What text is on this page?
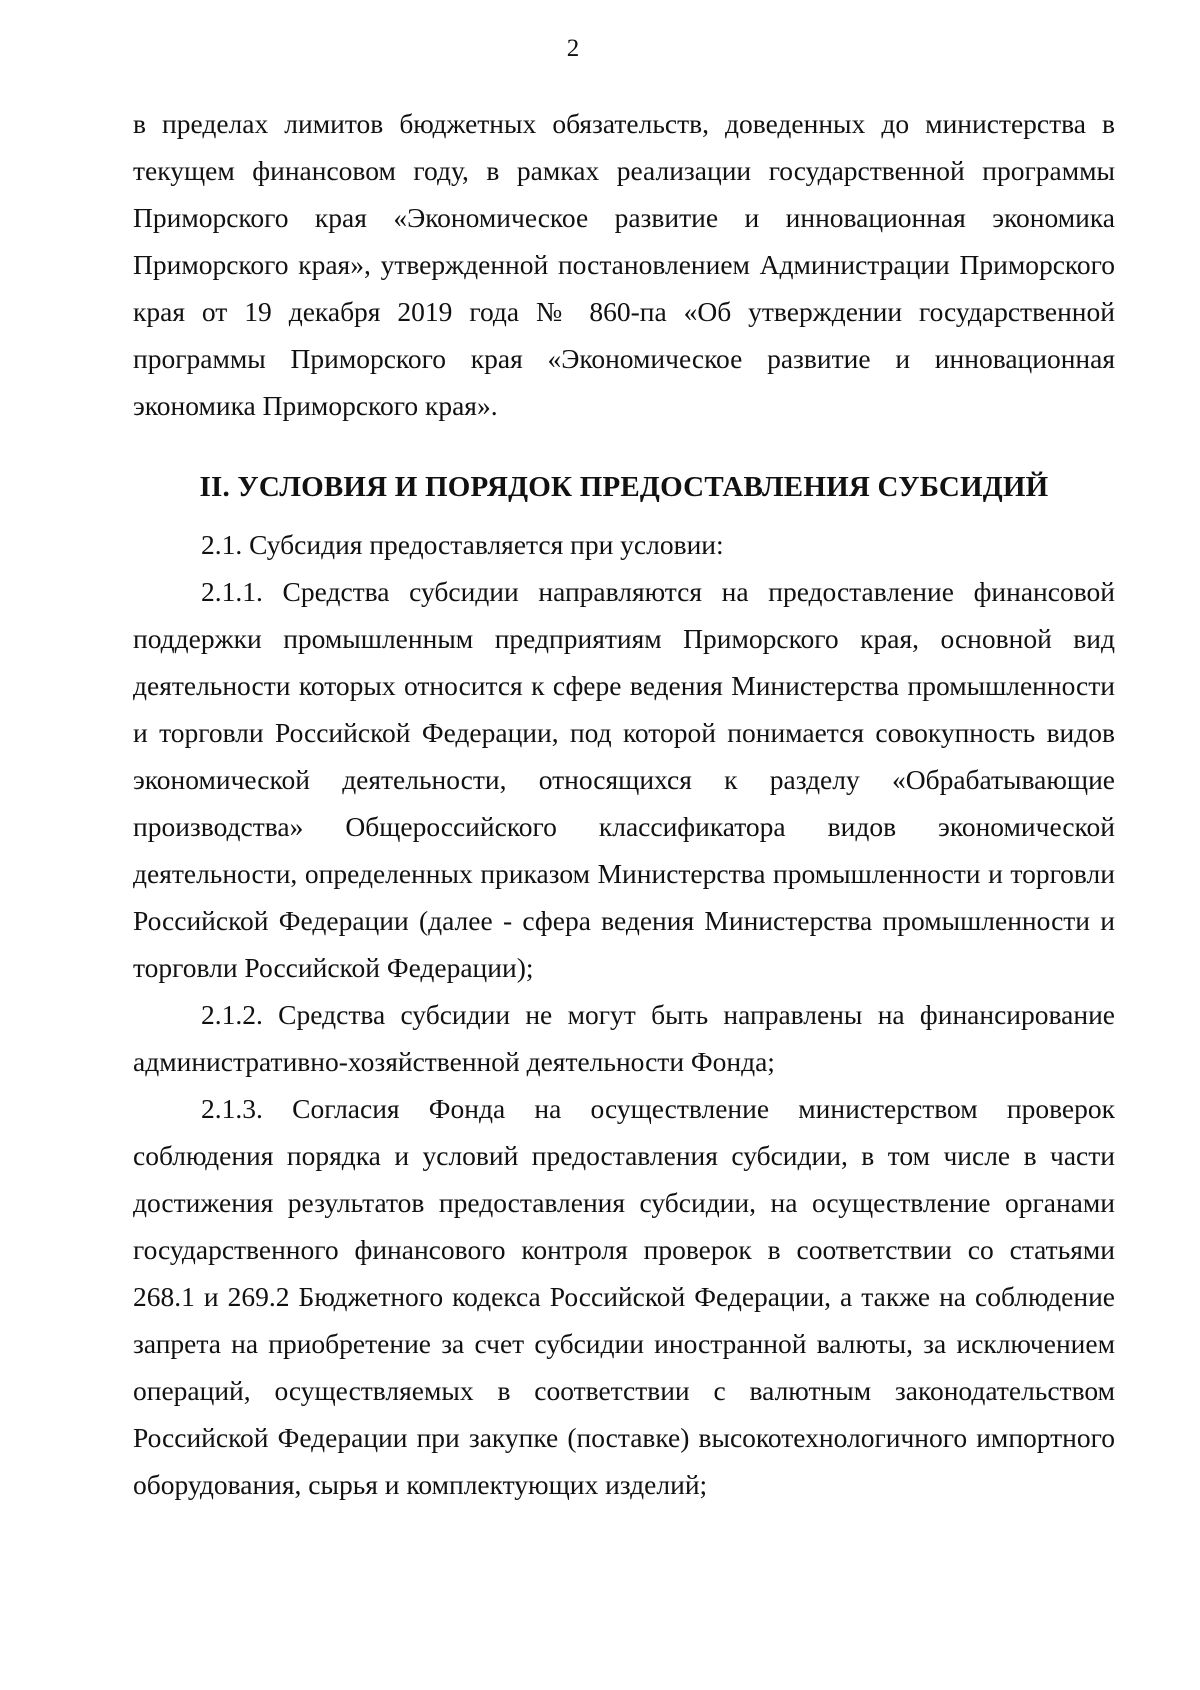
2

в пределах лимитов бюджетных обязательств, доведенных до министерства в текущем финансовом году, в рамках реализации государственной программы Приморского края «Экономическое развитие и инновационная экономика Приморского края», утвержденной постановлением Администрации Приморского края от 19 декабря 2019 года № 860-па «Об утверждении государственной программы Приморского края «Экономическое развитие и инновационная экономика Приморского края».

II. УСЛОВИЯ И ПОРЯДОК ПРЕДОСТАВЛЕНИЯ СУБСИДИЙ

2.1. Субсидия предоставляется при условии:

2.1.1. Средства субсидии направляются на предоставление финансовой поддержки промышленным предприятиям Приморского края, основной вид деятельности которых относится к сфере ведения Министерства промышленности и торговли Российской Федерации, под которой понимается совокупность видов экономической деятельности, относящихся к разделу «Обрабатывающие производства» Общероссийского классификатора видов экономической деятельности, определенных приказом Министерства промышленности и торговли Российской Федерации (далее - сфера ведения Министерства промышленности и торговли Российской Федерации);

2.1.2. Средства субсидии не могут быть направлены на финансирование административно-хозяйственной деятельности Фонда;

2.1.3. Согласия Фонда на осуществление министерством проверок соблюдения порядка и условий предоставления субсидии, в том числе в части достижения результатов предоставления субсидии, на осуществление органами государственного финансового контроля проверок в соответствии со статьями 268.1 и 269.2 Бюджетного кодекса Российской Федерации, а также на соблюдение запрета на приобретение за счет субсидии иностранной валюты, за исключением операций, осуществляемых в соответствии с валютным законодательством Российской Федерации при закупке (поставке) высокотехнологичного импортного оборудования, сырья и комплектующих изделий;
